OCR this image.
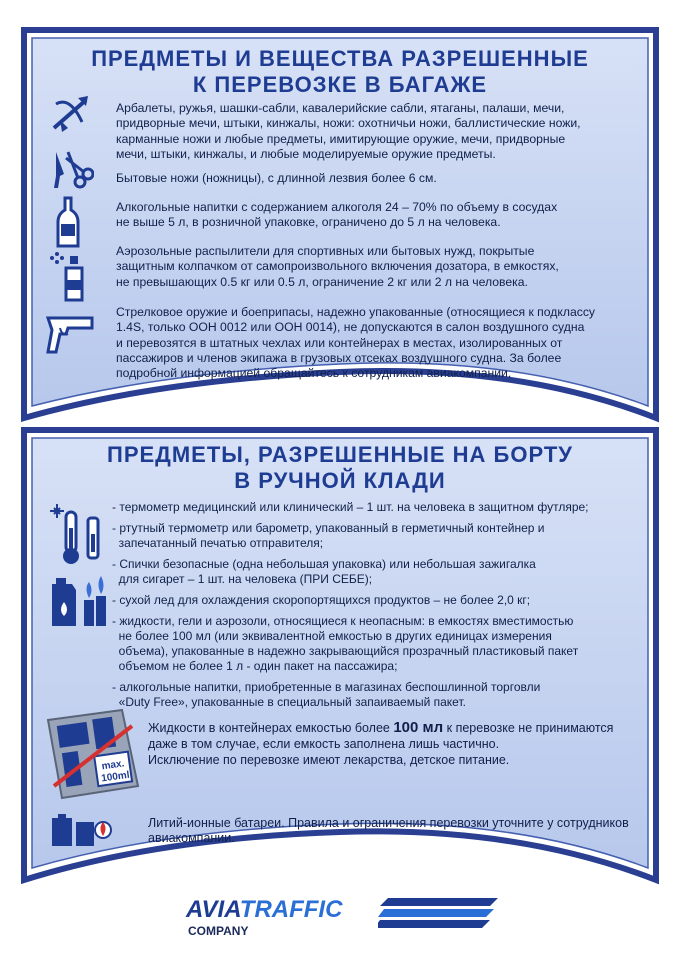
ПРЕДМЕТЫ И ВЕЩЕСТВА РАЗРЕШЕННЫЕ
К ПЕРЕВОЗКЕ В БАГАЖЕ
Арбалеты, ружья, шашки-сабли, кавалерийские сабли, ятаганы, палаши, мечи,
придворные мечи, штыки, кинжалы, ножи: охотничьи ножи, баллистические ножи,
карманные ножи и любые предметы, имитирующие оружие, мечи, придворные
мечи, штыки, кинжалы, и любые моделируемые оружие предметы.
Бытовые ножи (ножницы), с длинной лезвия более 6 см.
Алкогольные напитки с содержанием алкоголя 24 – 70% по объему в сосудах
не выше 5 л, в розничной упаковке, ограничено до 5 л на человека.
Аэрозольные распылители для спортивных или бытовых нужд, покрытые
защитным колпачком от самопроизвольного включения дозатора, в емкостях,
не превышающих 0.5 кг или 0.5 л, ограничение 2 кг или 2 л на человека.
Стрелковое оружие и боеприпасы, надежно упакованные (относящиеся к подклассу
1.4S, только ООН 0012 или ООН 0014), не допускаются в салон воздушного судна
и перевозятся в штатных чехлах или контейнерах в местах, изолированных от
пассажиров и членов экипажа в грузовых отсеках воздушного судна. За более
подробной информацией обращайтесь к сотрудникам авиакомпании.
ПРЕДМЕТЫ, РАЗРЕШЕННЫЕ НА БОРТУ
В РУЧНОЙ КЛАДИ
max.
100ml
- термометр медицинский или клинический – 1 шт. на человека в защитном футляре;
- ртутный термометр или барометр, упакованный в герметичный контейнер и
запечатанный печатью отправителя;
- Спички безопасные (одна небольшая упаковка) или небольшая зажигалка
для сигарет – 1 шт. на человека (ПРИ СЕБЕ);
- сухой лед для охлаждения скоропортящихся продуктов – не более 2,0 кг;
- жидкости, гели и аэрозоли, относящиеся к неопасным: в емкостях вместимостью
не более 100 мл (или эквивалентной емкостью в других единицах измерения
объема), упакованные в надежно закрывающийся прозрачный пластиковый пакет
объемом не более 1 л - один пакет на пассажира;
- алкогольные напитки, приобретенные в магазинах беспошлинной торговли
«Duty Free», упакованные в специальный запаиваемый пакет.
Жидкости в контейнерах емкостью более 100 мл к перевозке не принимаются
даже в том случае, если емкость заполнена лишь частично.
Исключение по перевозке имеют лекарства, детское питание.
Литий-ионные батареи. Правила и ограничения перевозки уточните у сотрудников
авиакомпании.
AVIATRAFFIC
COMPANY
